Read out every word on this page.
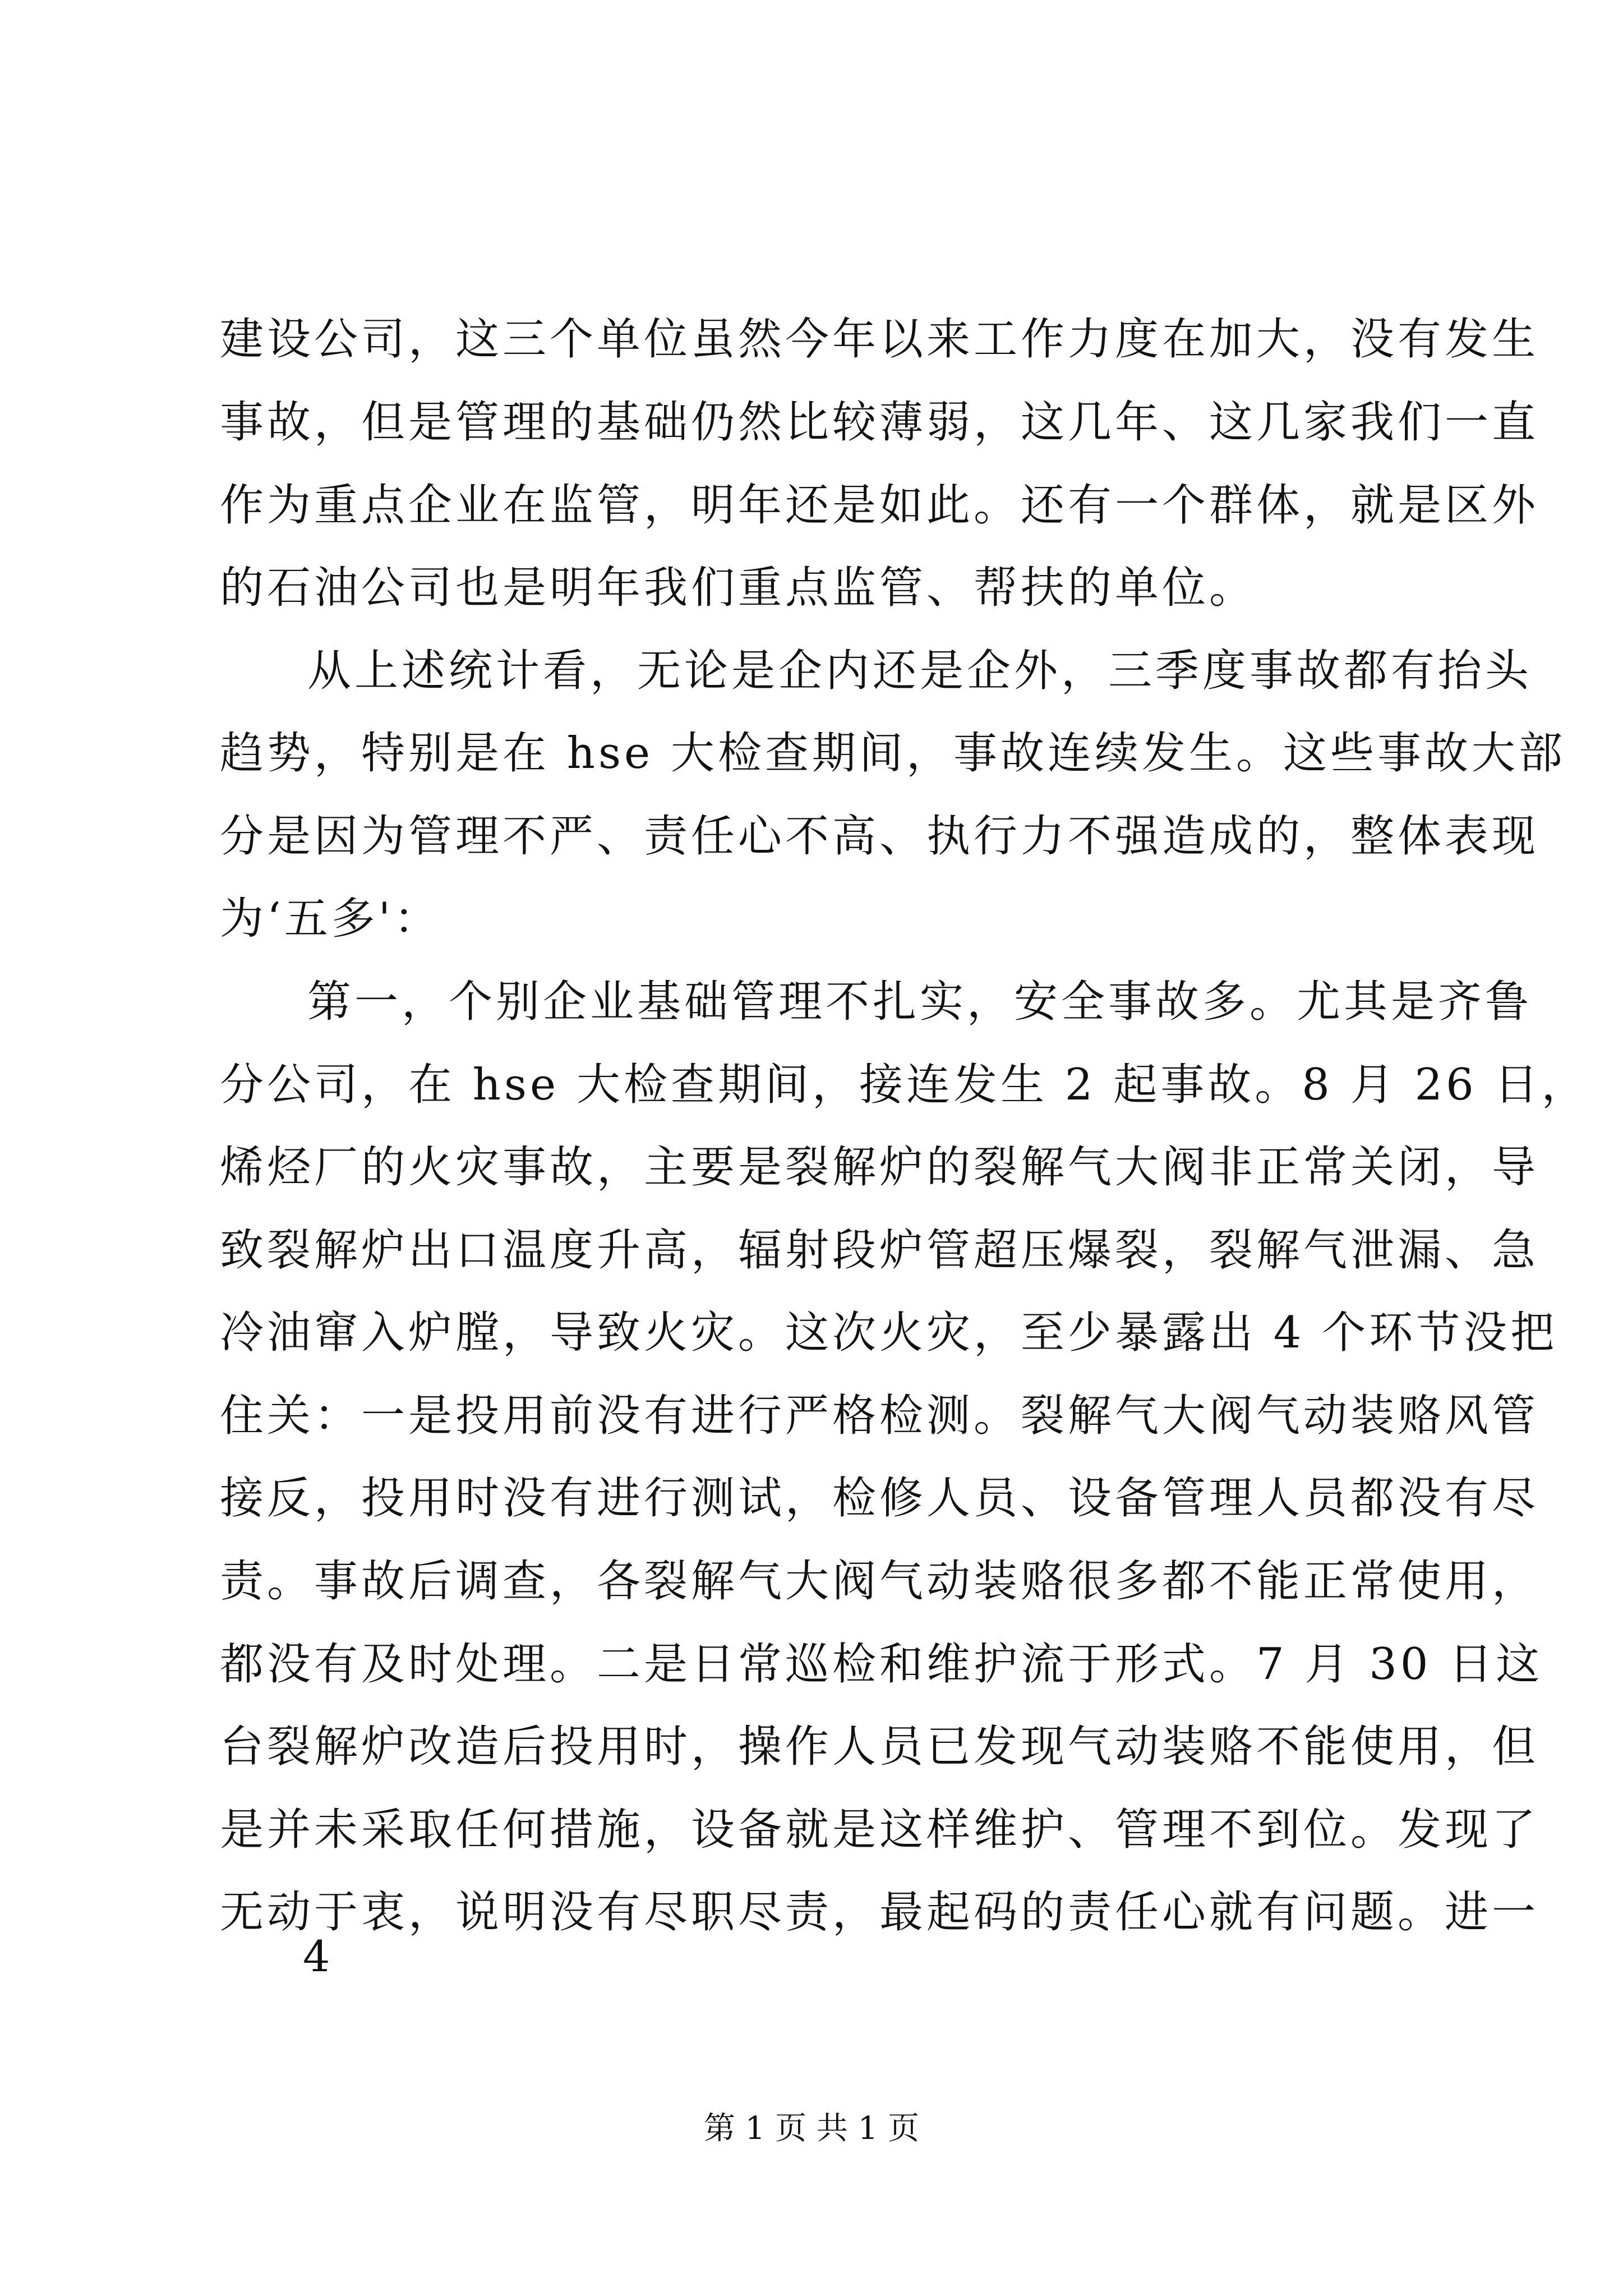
建设公司，这三个单位虽然今年以来工作力度在加大，没有发生
事故，但是管理的基础仍然比较薄弱，这几年、这几家我们一直
作为重点企业在监管，明年还是如此。还有一个群体，就是区外
的石油公司也是明年我们重点监管、帮扶的单位。
从上述统计看，无论是企内还是企外，三季度事故都有抬头
趋势，特别是在 hse 大检查期间，事故连续发生。这些事故大部
分是因为管理不严、责任心不高、执行力不强造成的，整体表现
为‘五多'：
第一，个别企业基础管理不扎实，安全事故多。尤其是齐鲁
分公司，在 hse 大检查期间，接连发生 2 起事故。8 月 26 日，
烯烃厂的火灾事故，主要是裂解炉的裂解气大阀非正常关闭，导
致裂解炉出口温度升高，辐射段炉管超压爆裂，裂解气泄漏、急
冷油窜入炉膛，导致火灾。这次火灾，至少暴露出 4 个环节没把
住关：一是投用前没有进行严格检测。裂解气大阀气动装赂风管
接反，投用时没有进行测试，检修人员、设备管理人员都没有尽
责。事故后调查，各裂解气大阀气动装赂很多都不能正常使用，
都没有及时处理。二是日常巡检和维护流于形式。7 月 30 日这
台裂解炉改造后投用时，操作人员已发现气动装赂不能使用，但
是并未采取任何措施，设备就是这样维护、管理不到位。发现了
无动于衷，说明没有尽职尽责，最起码的责任心就有问题。进一
4
第 1 页 共 1 页
